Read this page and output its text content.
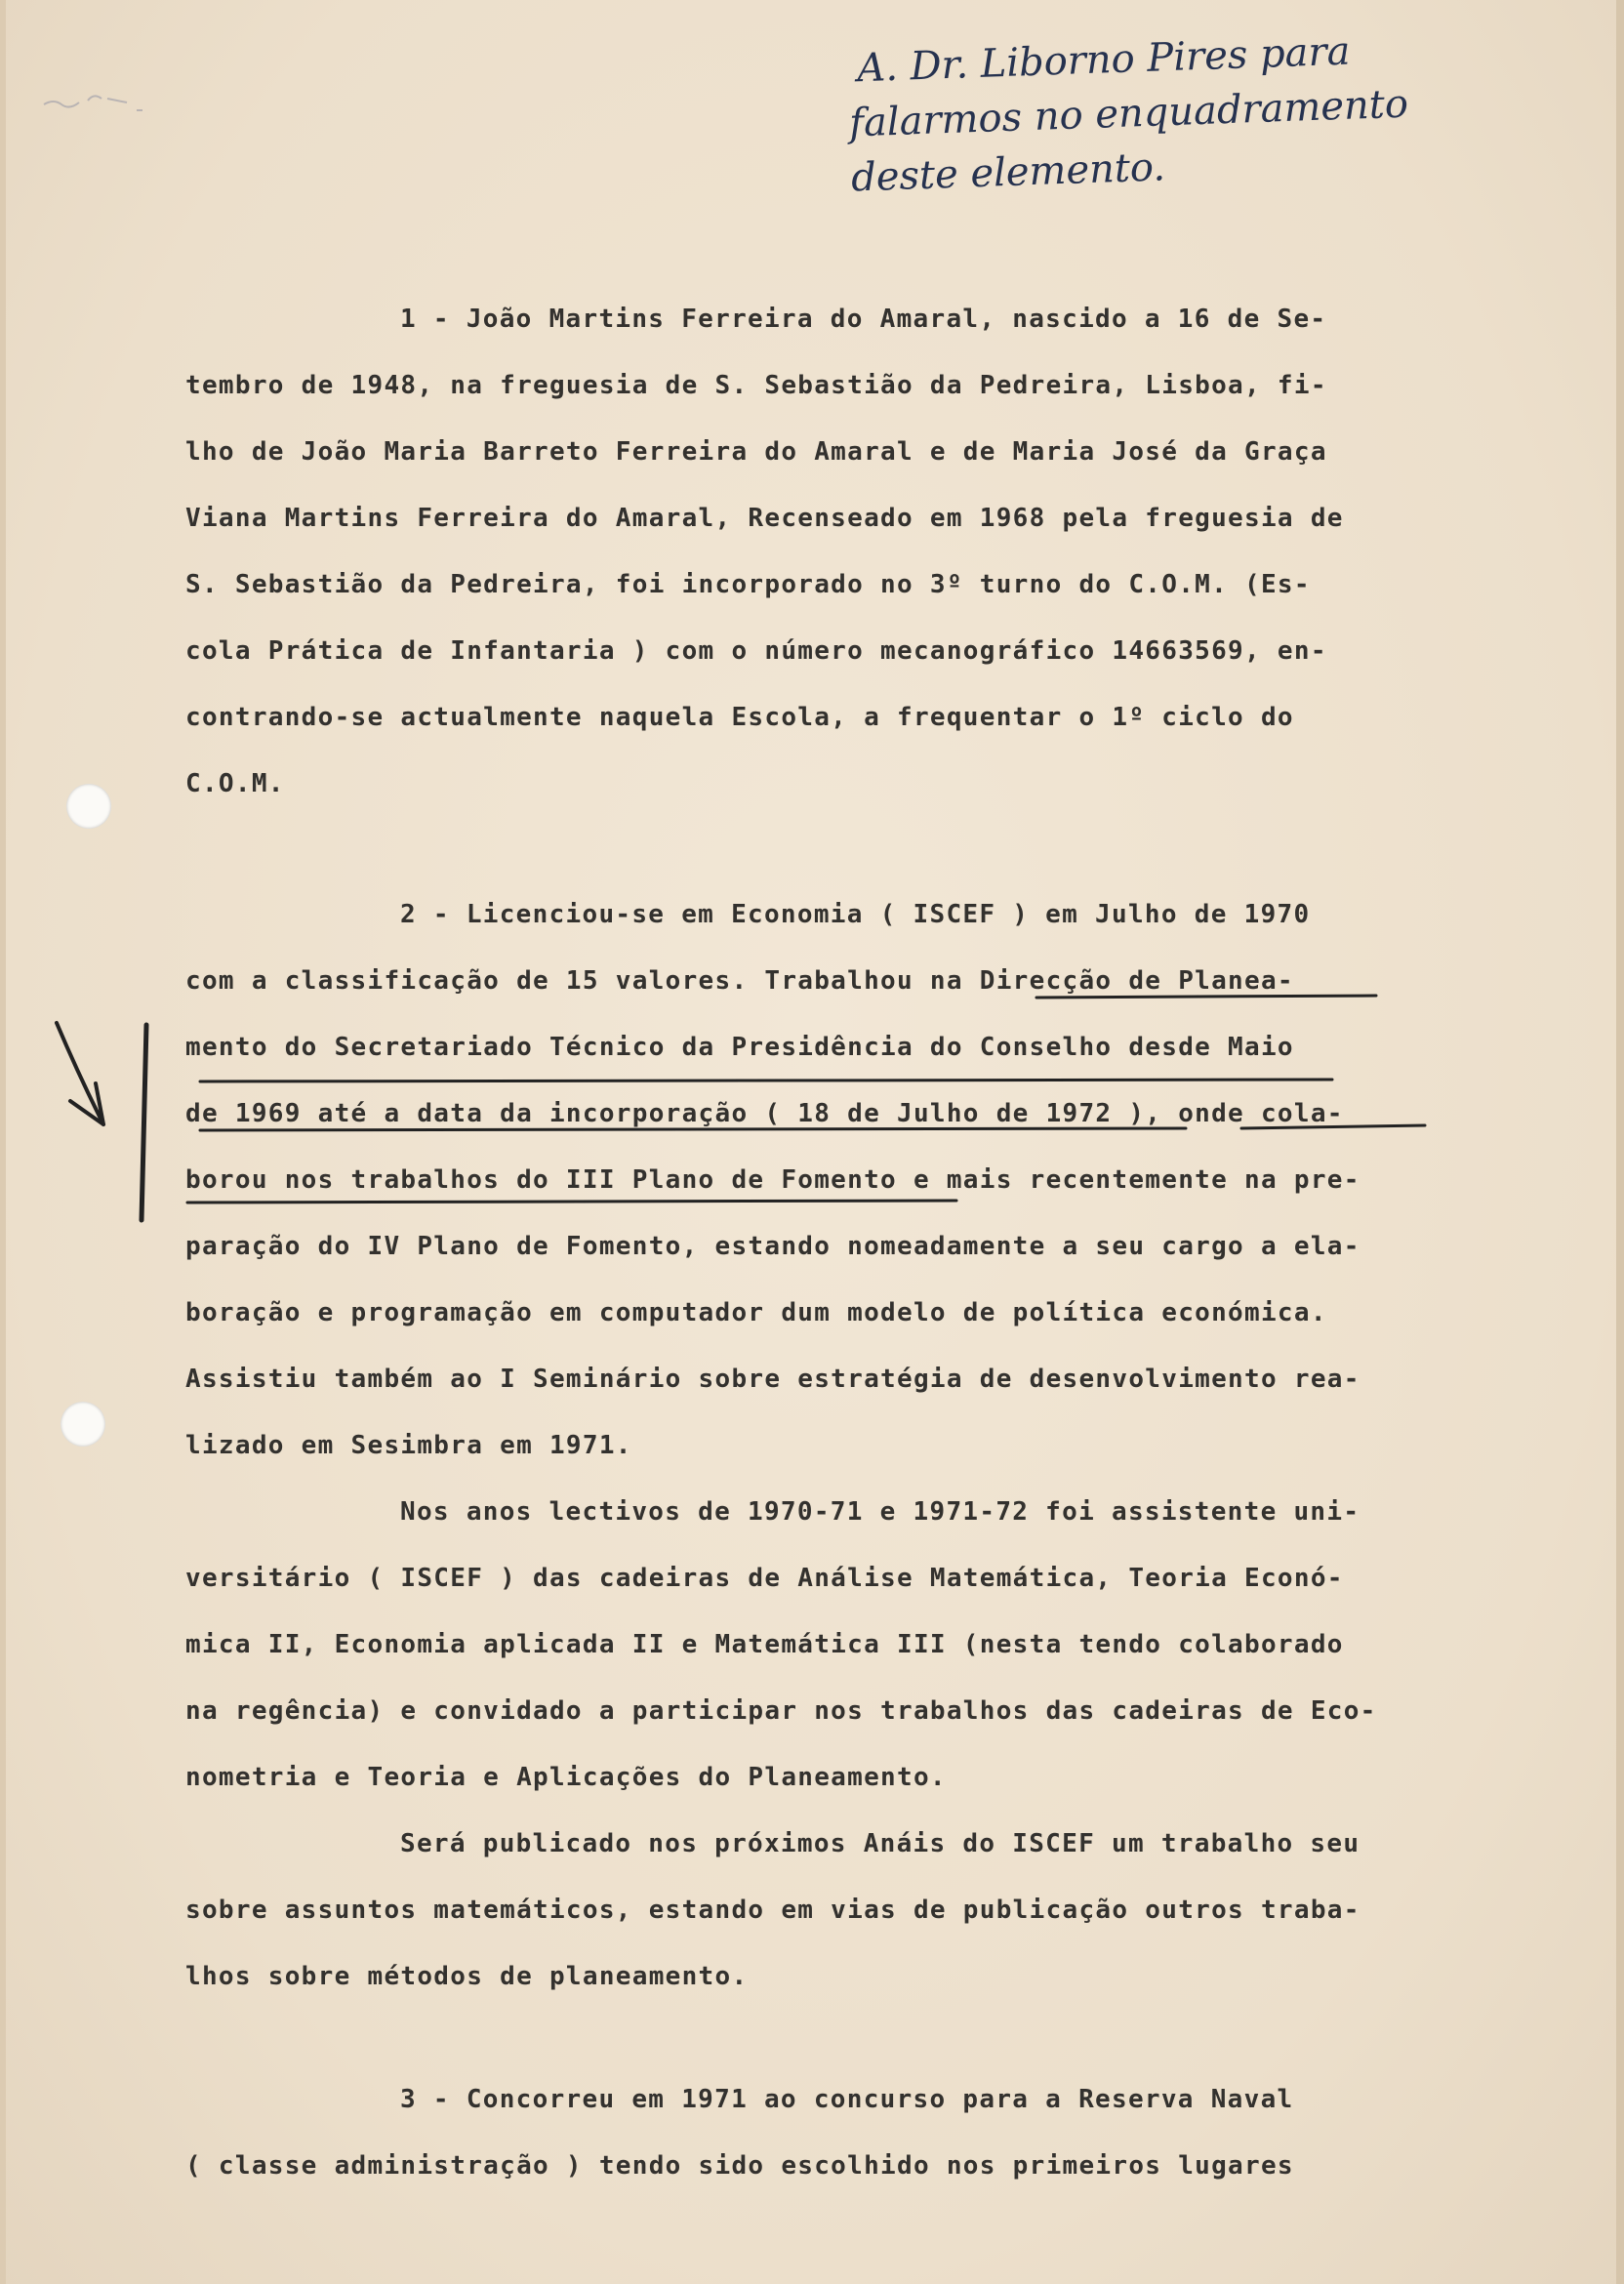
A. Dr. Liborno Pires para
falarmos no enquadramento
deste elemento.
1 - João Martins Ferreira do Amaral, nascido a 16 de Se-
tembro de 1948, na freguesia de S. Sebastião da Pedreira, Lisboa, fi-
lho de João Maria Barreto Ferreira do Amaral e de Maria José da Graça
Viana Martins Ferreira do Amaral, Recenseado em 1968 pela freguesia de
S. Sebastião da Pedreira, foi incorporado no 3º turno do C.O.M. (Es-
cola Prática de Infantaria ) com o número mecanográfico 14663569, en-
contrando-se actualmente naquela Escola, a frequentar o 1º ciclo do
C.O.M.
2 - Licenciou-se em Economia ( ISCEF ) em Julho de 1970
com a classificação de 15 valores. Trabalhou na Direcção de Planea-
mento do Secretariado Técnico da Presidência do Conselho desde Maio
de 1969 até a data da incorporação ( 18 de Julho de 1972 ), onde cola-
borou nos trabalhos do III Plano de Fomento e mais recentemente na pre-
paração do IV Plano de Fomento, estando nomeadamente a seu cargo a ela-
boração e programação em computador dum modelo de política económica.
Assistiu também ao I Seminário sobre estratégia de desenvolvimento rea-
lizado em Sesimbra em 1971.
Nos anos lectivos de 1970-71 e 1971-72 foi assistente uni-
versitário ( ISCEF ) das cadeiras de Análise Matemática, Teoria Econó-
mica II, Economia aplicada II e Matemática III (nesta tendo colaborado
na regência) e convidado a participar nos trabalhos das cadeiras de Eco-
nometria e Teoria e Aplicações do Planeamento.
Será publicado nos próximos Anáis do ISCEF um trabalho seu
sobre assuntos matemáticos, estando em vias de publicação outros traba-
lhos sobre métodos de planeamento.
3 - Concorreu em 1971 ao concurso para a Reserva Naval
( classe administração ) tendo sido escolhido nos primeiros lugares
